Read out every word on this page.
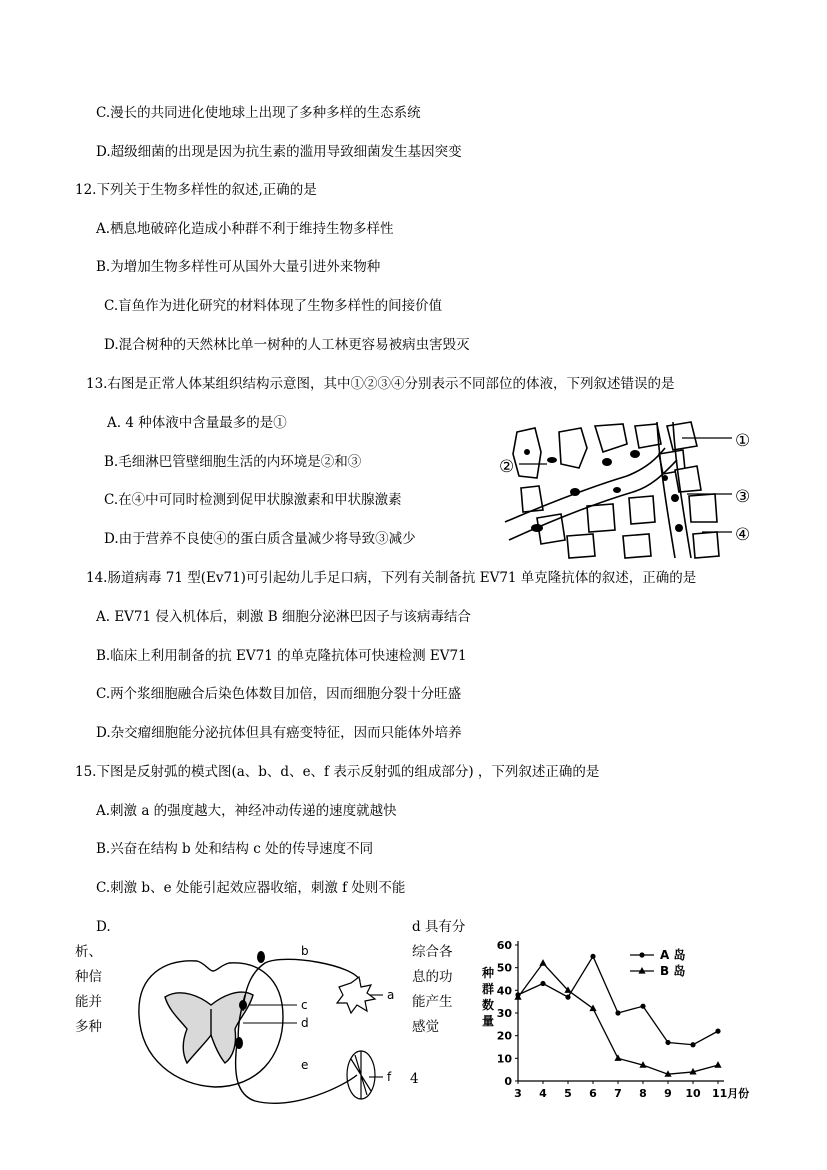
C.漫长的共同进化使地球上出现了多种多样的生态系统
D.超级细菌的出现是因为抗生素的滥用导致细菌发生基因突变
12.下列关于生物多样性的叙述,正确的是
A.栖息地破碎化造成小种群不利于维持生物多样性
B.为增加生物多样性可从国外大量引进外来物种
C.盲鱼作为进化研究的材料体现了生物多样性的间接价值
D.混合树种的天然林比单一树种的人工林更容易被病虫害毁灭
13.右图是正常人体某组织结构示意图，其中①②③④分别表示不同部位的体液，下列叙述错误的是
A. 4 种体液中含量最多的是①
B.毛细淋巴管壁细胞生活的内环境是②和③
C.在④中可同时检测到促甲状腺激素和甲状腺激素
D.由于营养不良使④的蛋白质含量减少将导致③减少
14.肠道病毒 71 型(Ev71)可引起幼儿手足口病，下列有关制备抗 EV71 单克隆抗体的叙述，正确的是
A. EV71 侵入机体后，刺激 B 细胞分泌淋巴因子与该病毒结合
B.临床上利用制备的抗 EV71 的单克隆抗体可快速检测 EV71
C.两个浆细胞融合后染色体数目加倍，因而细胞分裂十分旺盛
D.杂交瘤细胞能分泌抗体但具有癌变特征，因而只能体外培养
15.下图是反射弧的模式图(a、b、d、e、f 表示反射弧的组成部分) ，下列叙述正确的是
A.刺激 a 的强度越大，神经冲动传递的速度就越快
B.兴奋在结构 b 处和结构 c 处的传导速度不同
C.刺激 b、e 处能引起效应器收缩，刺激 f 处则不能
D.	d 具有分
综合各
息的功
能产生
感觉
析、
种信
能并
多种
4
①
②
③
④
a
b
c
d
e
f	0
10
20
30
40
50
60
3 4 5 6 7 8 9 10 11月份
种群数量
A 岛
B 岛
